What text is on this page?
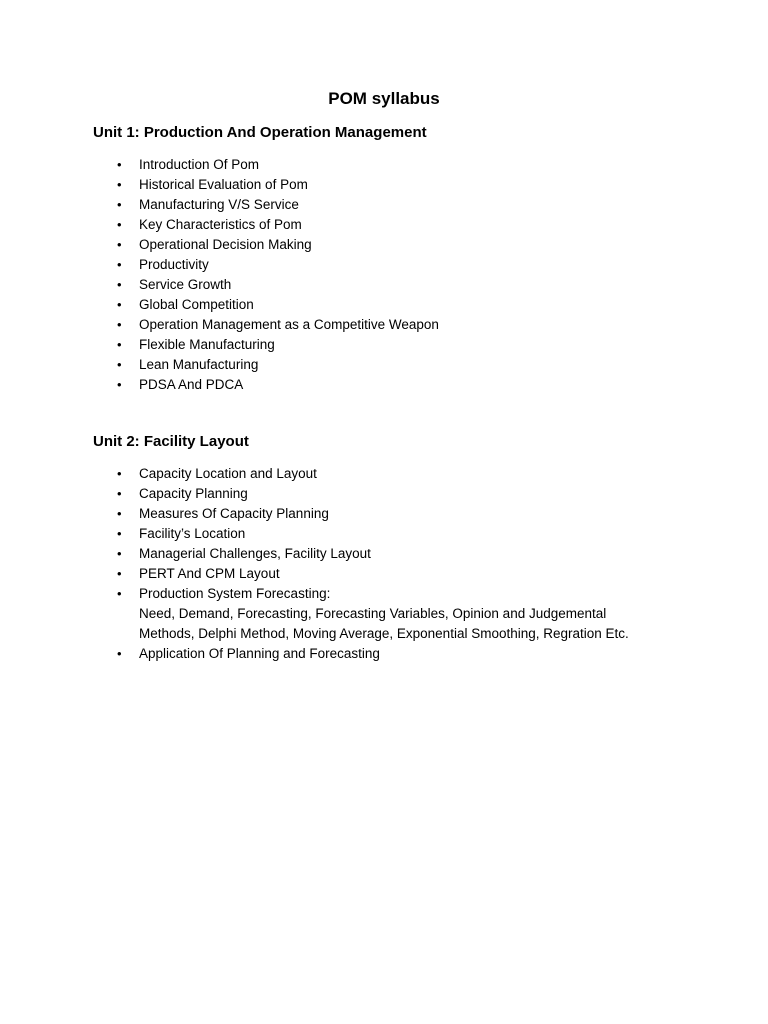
POM syllabus
Unit 1: Production And Operation Management
• Introduction Of Pom
• Historical Evaluation of Pom
• Manufacturing V/S Service
• Key Characteristics of Pom
• Operational Decision Making
• Productivity
• Service Growth
• Global Competition
• Operation Management as a Competitive Weapon
• Flexible Manufacturing
• Lean Manufacturing
• PDSA And PDCA
Unit 2: Facility Layout
• Capacity Location and Layout
• Capacity Planning
• Measures Of Capacity Planning
• Facility’s Location
• Managerial Challenges, Facility Layout
• PERT And CPM Layout
• Production System Forecasting:
Need, Demand, Forecasting, Forecasting Variables, Opinion and Judgemental
Methods, Delphi Method, Moving Average, Exponential Smoothing, Regration Etc.
• Application Of Planning and Forecasting
